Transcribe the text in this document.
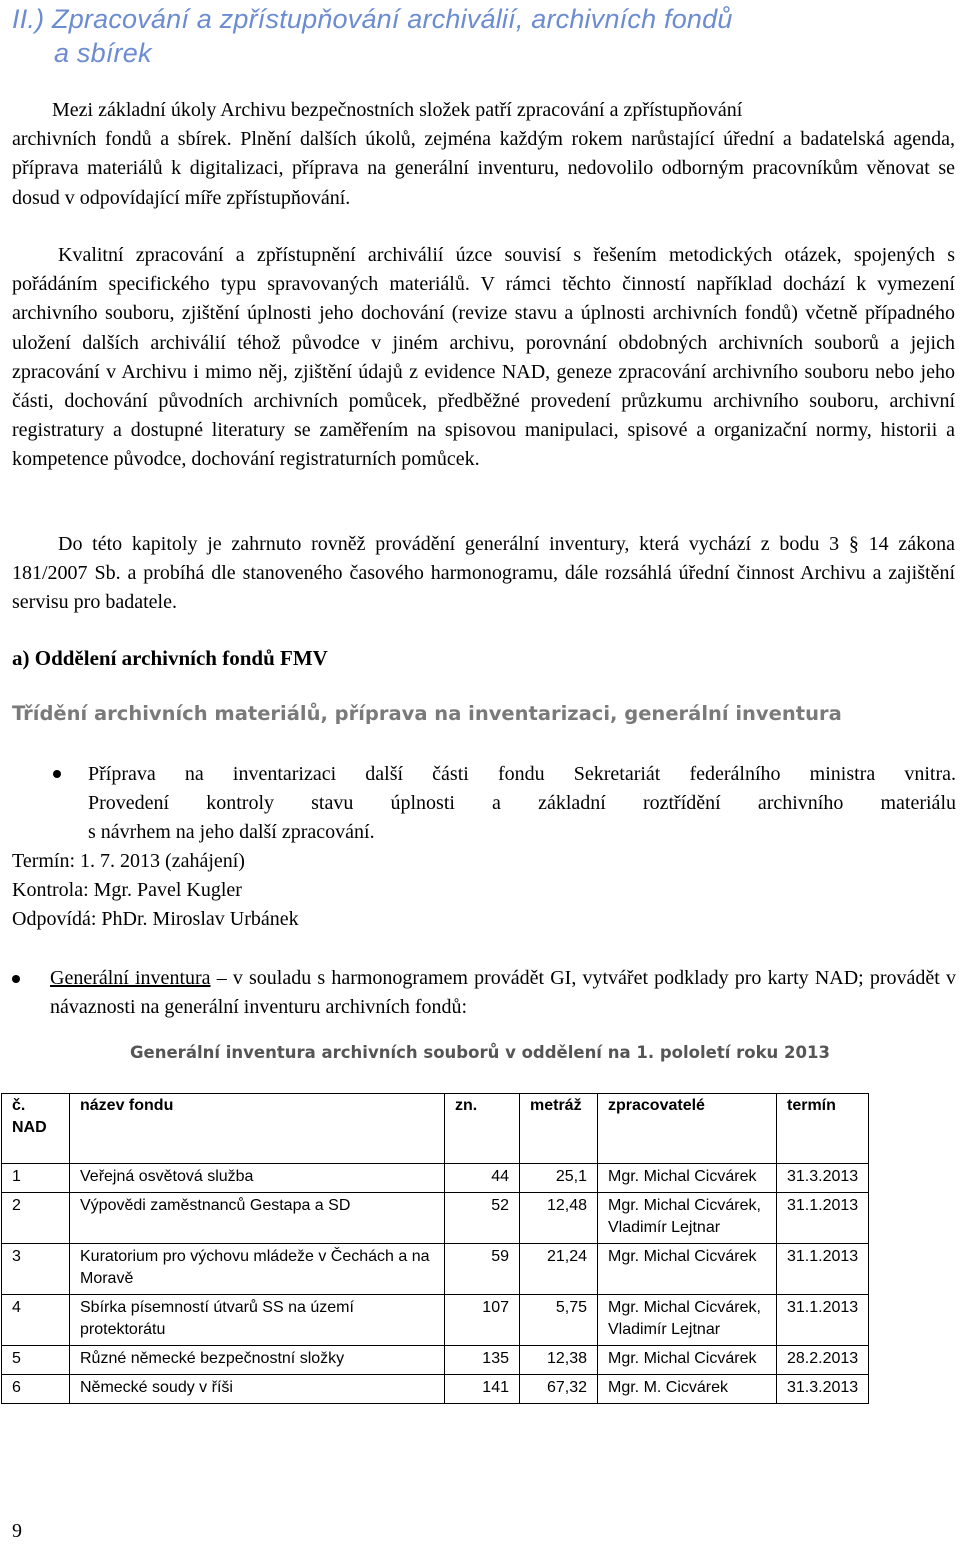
II.) Zpracování a zpřístupňování archiválií, archivních fondů
a sbírek

Mezi základní úkoly Archivu bezpečnostních složek patří zpracování a zpřístupňování
archivních fondů a sbírek. Plnění dalších úkolů, zejména každým rokem narůstající úřední a badatelská agenda, příprava materiálů k digitalizaci, příprava na generální inventuru, nedovolilo odborným pracovníkům věnovat se dosud v odpovídající míře zpřístupňování.

Kvalitní zpracování a zpřístupnění archiválií úzce souvisí s řešením metodických otázek, spojených s pořádáním specifického typu spravovaných materiálů. V rámci těchto činností například dochází k vymezení archivního souboru, zjištění úplnosti jeho dochování (revize stavu a úplnosti archivních fondů) včetně případného uložení dalších archiválií téhož původce v jiném archivu, porovnání obdobných archivních souborů a jejich zpracování v Archivu i mimo něj, zjištění údajů z evidence NAD, geneze zpracování archivního souboru nebo jeho části, dochování původních archivních pomůcek, předběžné provedení průzkumu archivního souboru, archivní registratury a dostupné literatury se zaměřením na spisovou manipulaci, spisové a organizační normy, historii a kompetence původce, dochování registraturních pomůcek.

Do této kapitoly je zahrnuto rovněž provádění generální inventury, která vychází z bodu 3 § 14 zákona 181/2007 Sb. a probíhá dle stanoveného časového harmonogramu, dále rozsáhlá úřední činnost Archivu a zajištění servisu pro badatele.

a) Oddělení archivních fondů FMV
Třídění archivních materiálů, příprava na inventarizaci, generální inventura
Příprava na inventarizaci další části fondu Sekretariát federálního ministra vnitra.
Provedení kontroly stavu úplnosti a základní roztřídění archivního materiálu
s návrhem na jeho další zpracování.

Termín: 1. 7. 2013 (zahájení)

Kontrola: Mgr. Pavel Kugler

Odpovídá: PhDr. Miroslav Urbánek

Generální inventura – v souladu s harmonogramem provádět GI, vytvářet podklady pro karty NAD; provádět v návaznosti na generální inventuru archivních fondů:

Generální inventura archivních souborů v oddělení na 1. pololetí roku 2013

č. NAD	název fondu	zn.	metráž	zpracovatelé	termín
1	Veřejná osvětová služba	44	25,1	Mgr. Michal Cicvárek	31.3.2013
2	Výpovědi zaměstnanců Gestapa a SD	52	12,48	Mgr. Michal Cicvárek, Vladimír Lejtnar	31.1.2013
3	Kuratorium pro výchovu mládeže v Čechách a na Moravě	59	21,24	Mgr. Michal Cicvárek	31.1.2013
4	Sbírka písemností útvarů SS na území protektorátu	107	5,75	Mgr. Michal Cicvárek, Vladimír Lejtnar	31.1.2013
5	Různé německé bezpečnostní složky	135	12,38	Mgr. Michal Cicvárek	28.2.2013
6	Německé soudy v říši	141	67,32	Mgr. M. Cicvárek	31.3.2013

9
